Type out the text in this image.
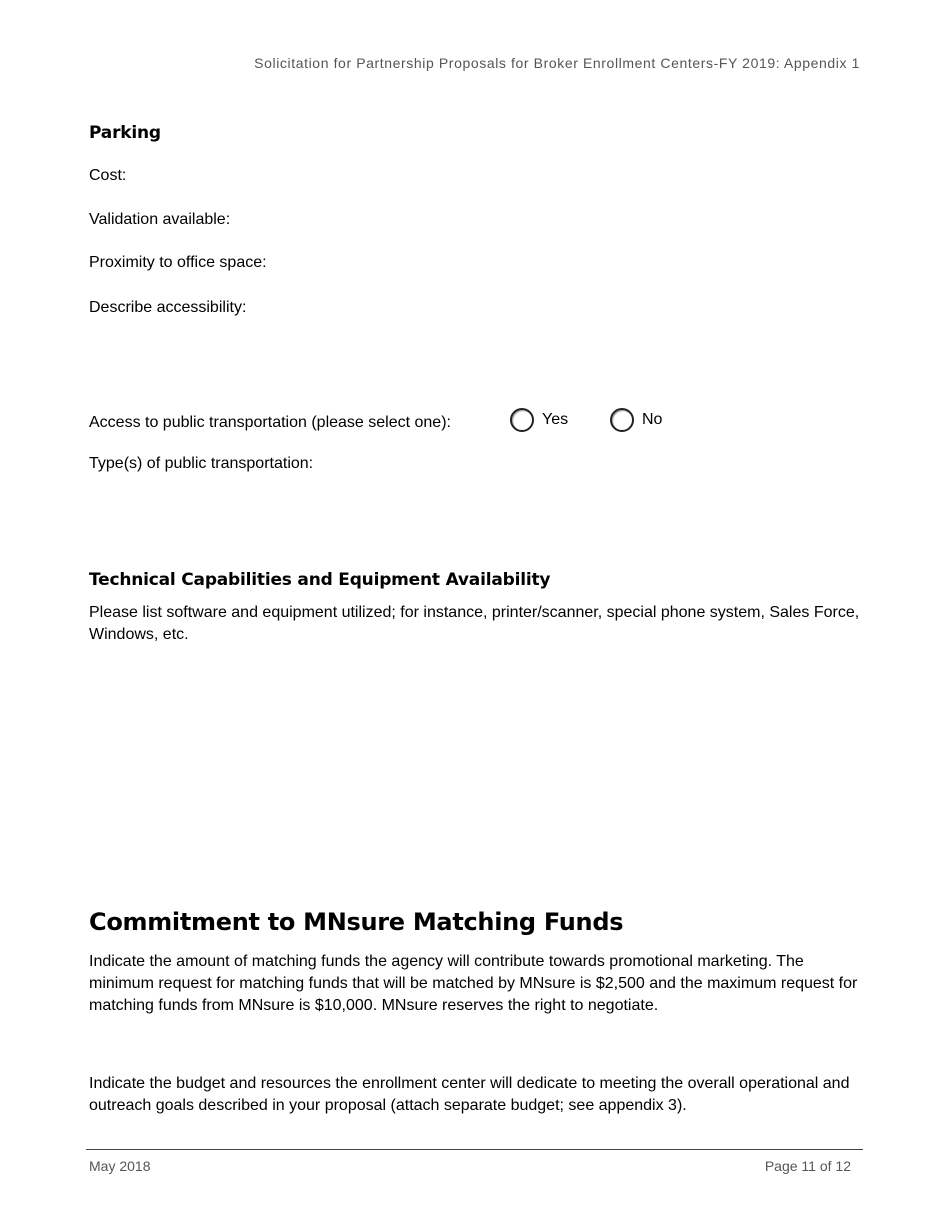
Solicitation for Partnership Proposals for Broker Enrollment Centers-FY 2019: Appendix 1
Parking
Cost:
Validation available:
Proximity to office space:
Describe accessibility:
Access to public transportation (please select one):	Yes	No
Type(s) of public transportation:
Technical Capabilities and Equipment Availability
Please list software and equipment utilized; for instance, printer/scanner, special phone system, Sales Force, Windows, etc.
Commitment to MNsure Matching Funds
Indicate the amount of matching funds the agency will contribute towards promotional marketing. The minimum request for matching funds that will be matched by MNsure is $2,500 and the maximum request for matching funds from MNsure is $10,000. MNsure reserves the right to negotiate.
Indicate the budget and resources the enrollment center will dedicate to meeting the overall operational and outreach goals described in your proposal (attach separate budget; see appendix 3).
May 2018	Page 11 of 12
